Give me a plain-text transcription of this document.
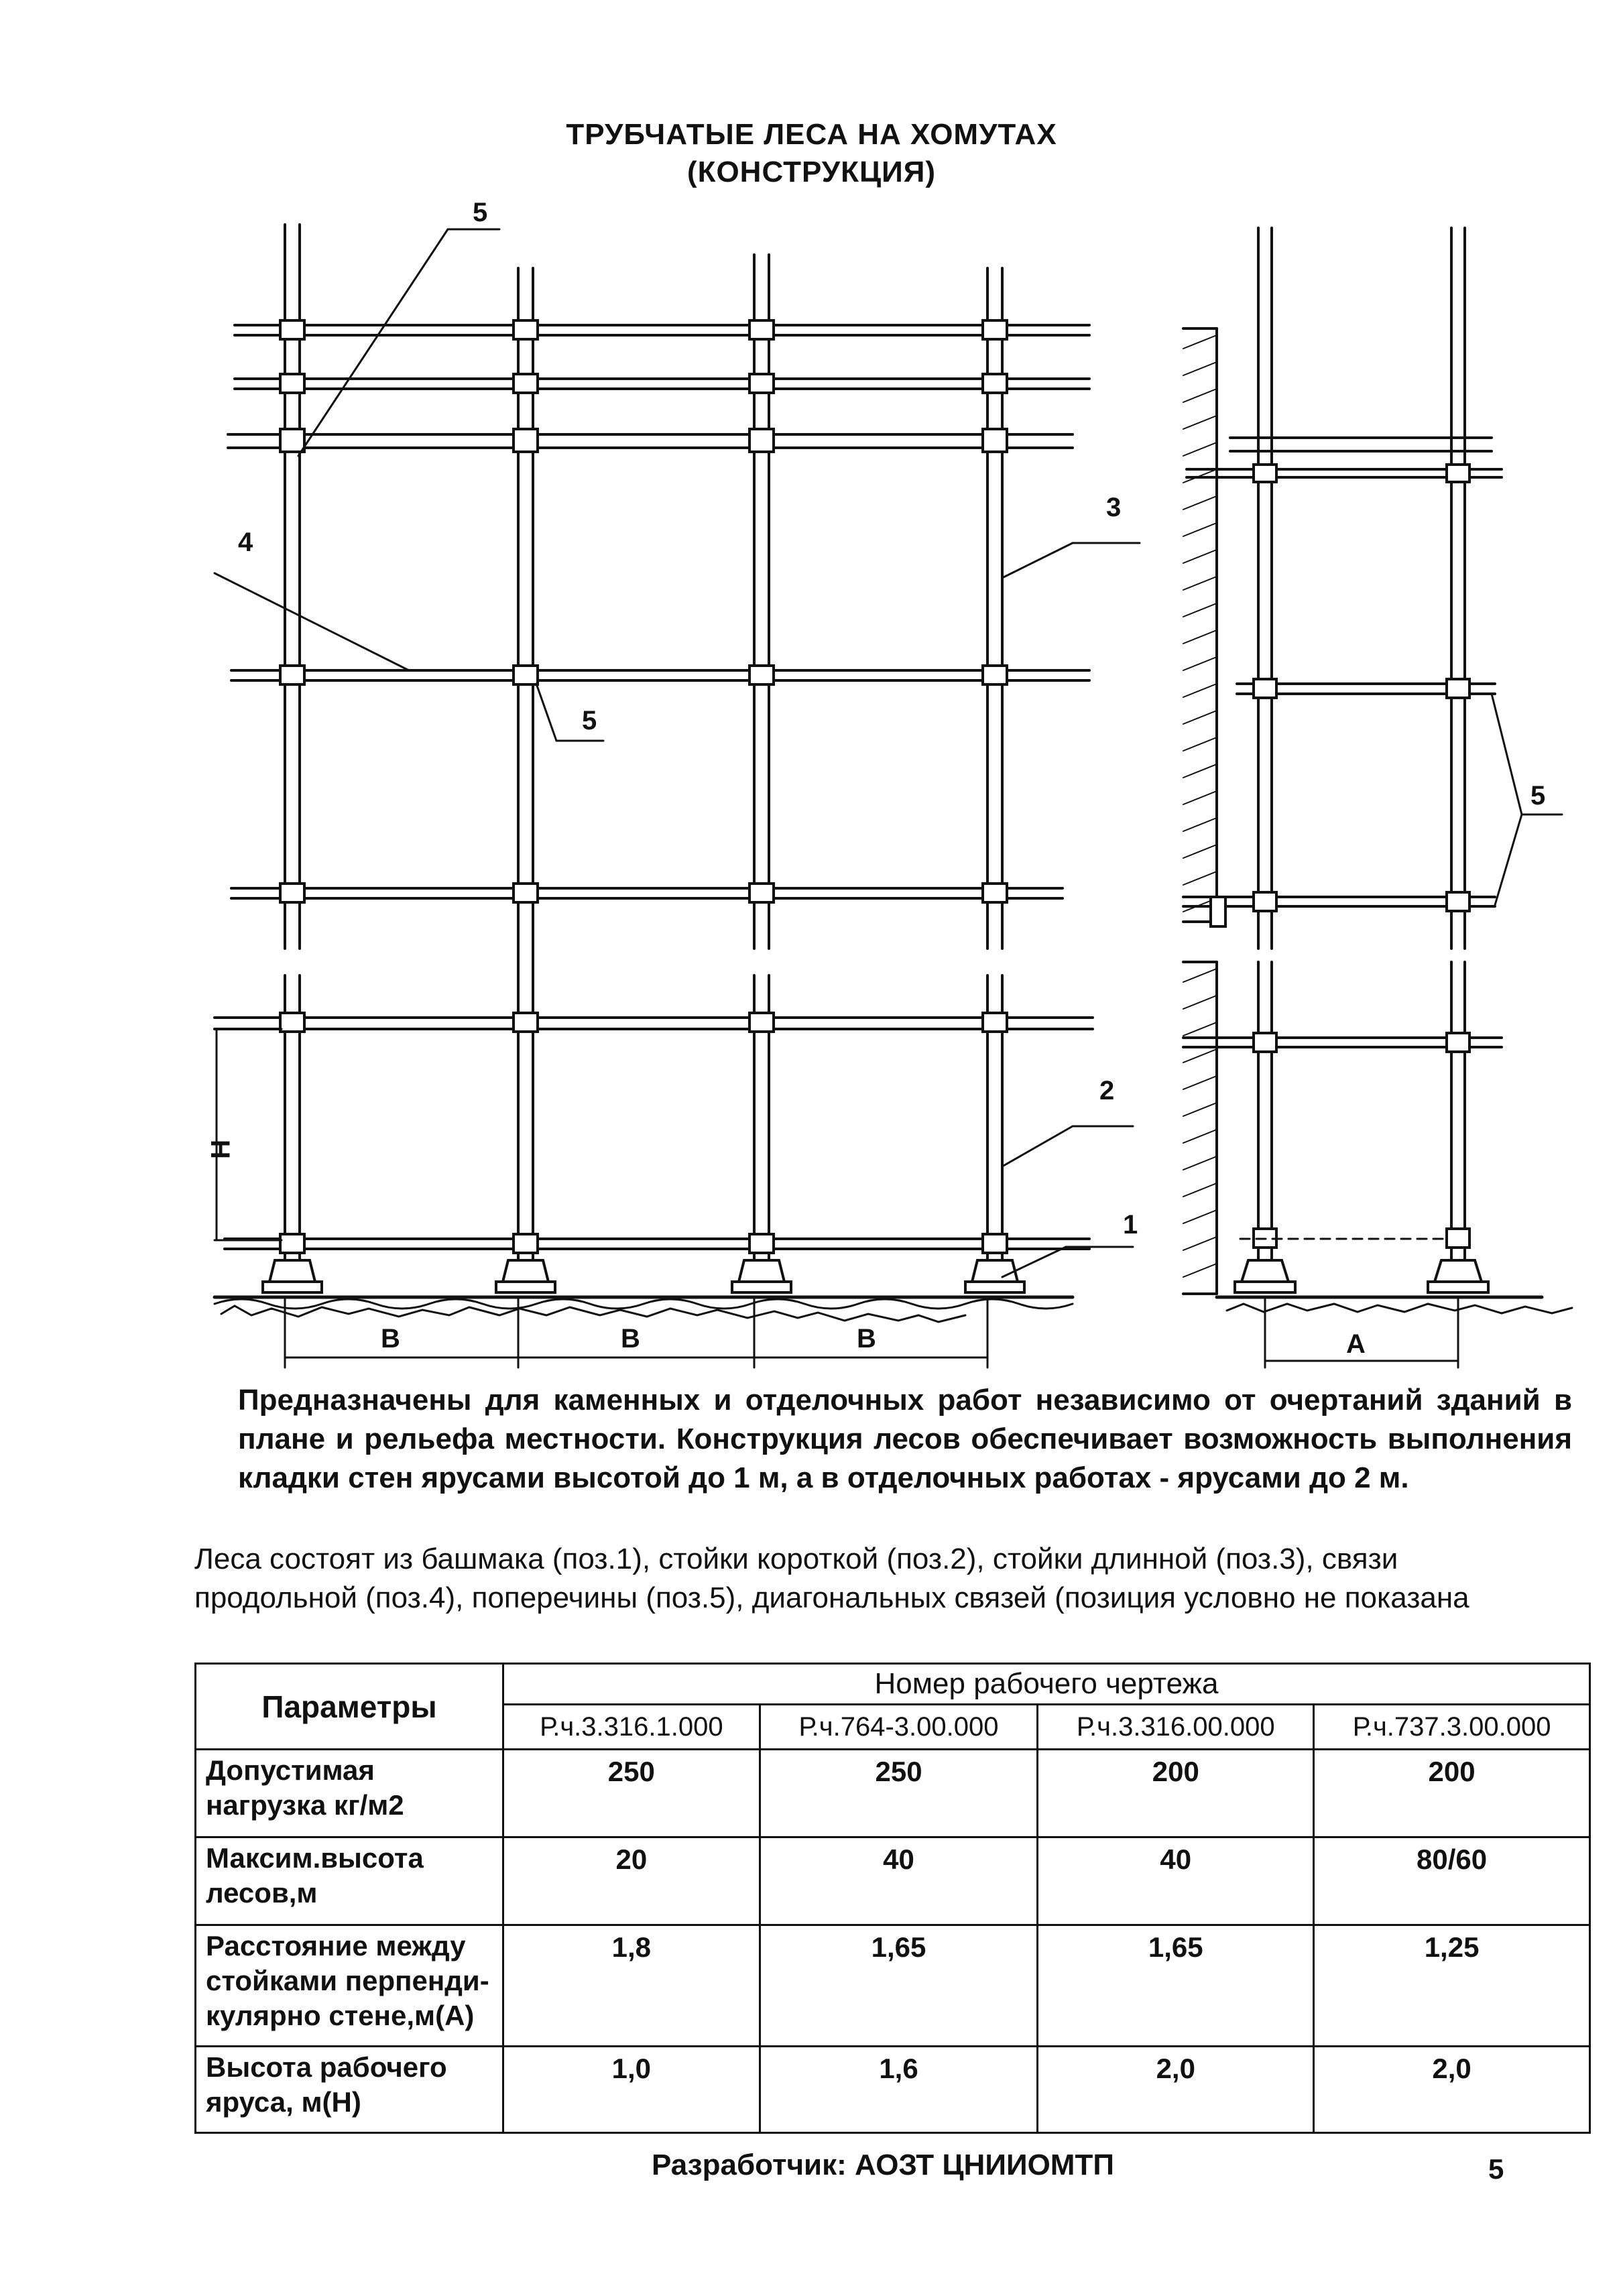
ТРУБЧАТЫЕ ЛЕСА НА ХОМУТАХ
(КОНСТРУКЦИЯ)
5
4
3
5
2
1
5
Н
В	В	В	А
Предназначены для каменных и отделочных работ независимо от очертаний зданий в плане и рельефа местности. Конструкция лесов обеспечивает возможность выполнения кладки стен ярусами высотой до 1 м, а в отделочных работах - ярусами до 2 м.
Леса состоят из башмака (поз.1), стойки короткой (поз.2), стойки длинной (поз.3), связи
продольной (поз.4), поперечины (поз.5), диагональных связей (позиция условно не показана
Параметры	Номер рабочего чертежа			
	Р.ч.3.316.1.000	Р.ч.764-3.00.000	Р.ч.3.316.00.000	Р.ч.737.3.00.000
Допустимая нагрузка кг/м2	250	250	200	200
Максим.высота лесов,м	20	40	40	80/60
Расстояние между стойками перпенди-кулярно стене,м(А)	1,8	1,65	1,65	1,25
Высота рабочего яруса, м(Н)	1,0	1,6	2,0	2,0
Разработчик: АОЗТ ЦНИИОМТП	5
